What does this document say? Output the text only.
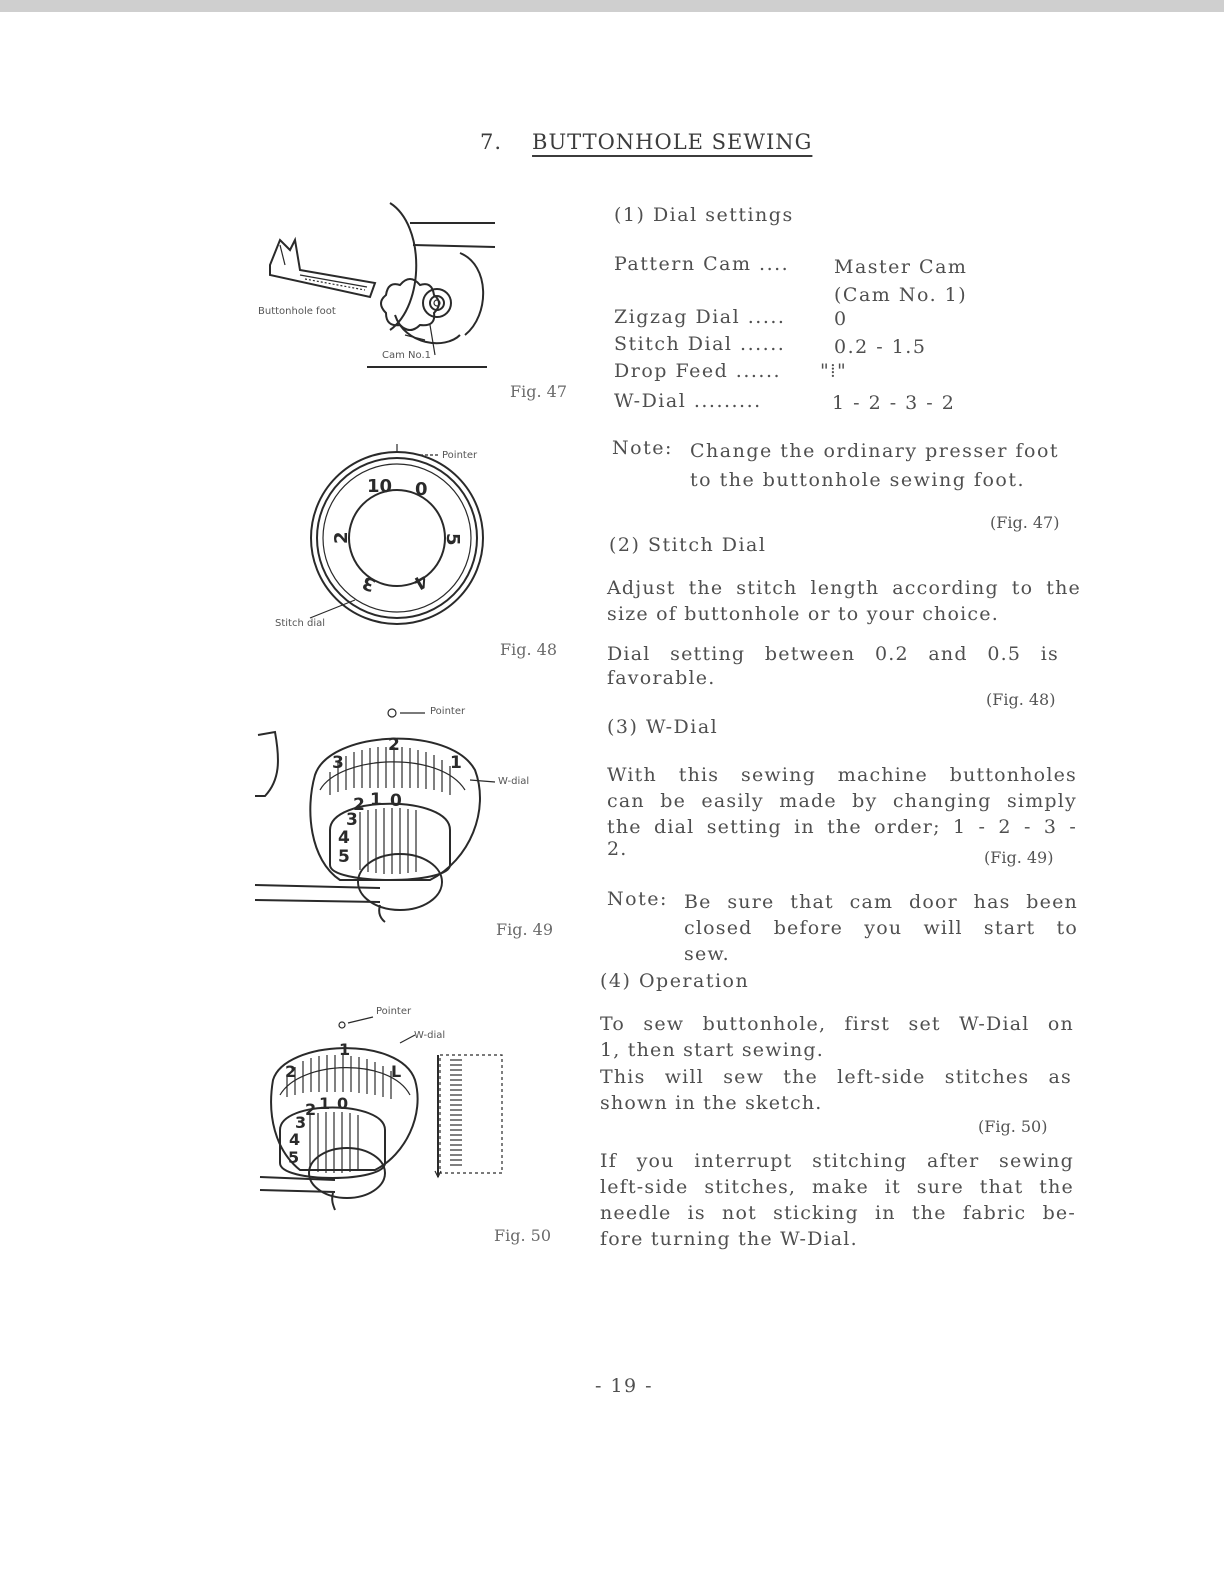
7. BUTTONHOLE SEWING
Buttonhole foot
Cam No.1
Fig. 47
10 0
5
4
3
2
Pointer
Stitch dial
Fig. 48
3
2
1
5
4
3
2 1 0
Pointer
W-dial
Fig. 49
2
1
L
5
4
3
2 1 0
Pointer
W-dial
Fig. 50
(1) Dial settings
Pattern Cam .... Master Cam
(Cam No. 1)
Zigzag Dial .....	0
Stitch Dial ......	0.2 - 1.5
Drop Feed ...... "⁞"
W-Dial .........	1 - 2 - 3 - 2
Note: Change the ordinary presser foot
to the buttonhole sewing foot.
(Fig. 47)
(2) Stitch Dial
Adjust the stitch length according to the
size of buttonhole or to your choice.
Dial setting between 0.2 and 0.5 is
favorable.
(Fig. 48)
(3) W-Dial
With this sewing machine buttonholes
can be easily made by changing simply
the dial setting in the order; 1 - 2 - 3 -
2.	(Fig. 49)
Note: Be sure that cam door has been
closed before you will start to
sew.
(4) Operation
To sew buttonhole, first set W-Dial on
1, then start sewing.
This will sew the left-side stitches as
shown in the sketch.
(Fig. 50)
If you interrupt stitching after sewing
left-side stitches, make it sure that the
needle is not sticking in the fabric be-
fore turning the W-Dial.
- 19 -
